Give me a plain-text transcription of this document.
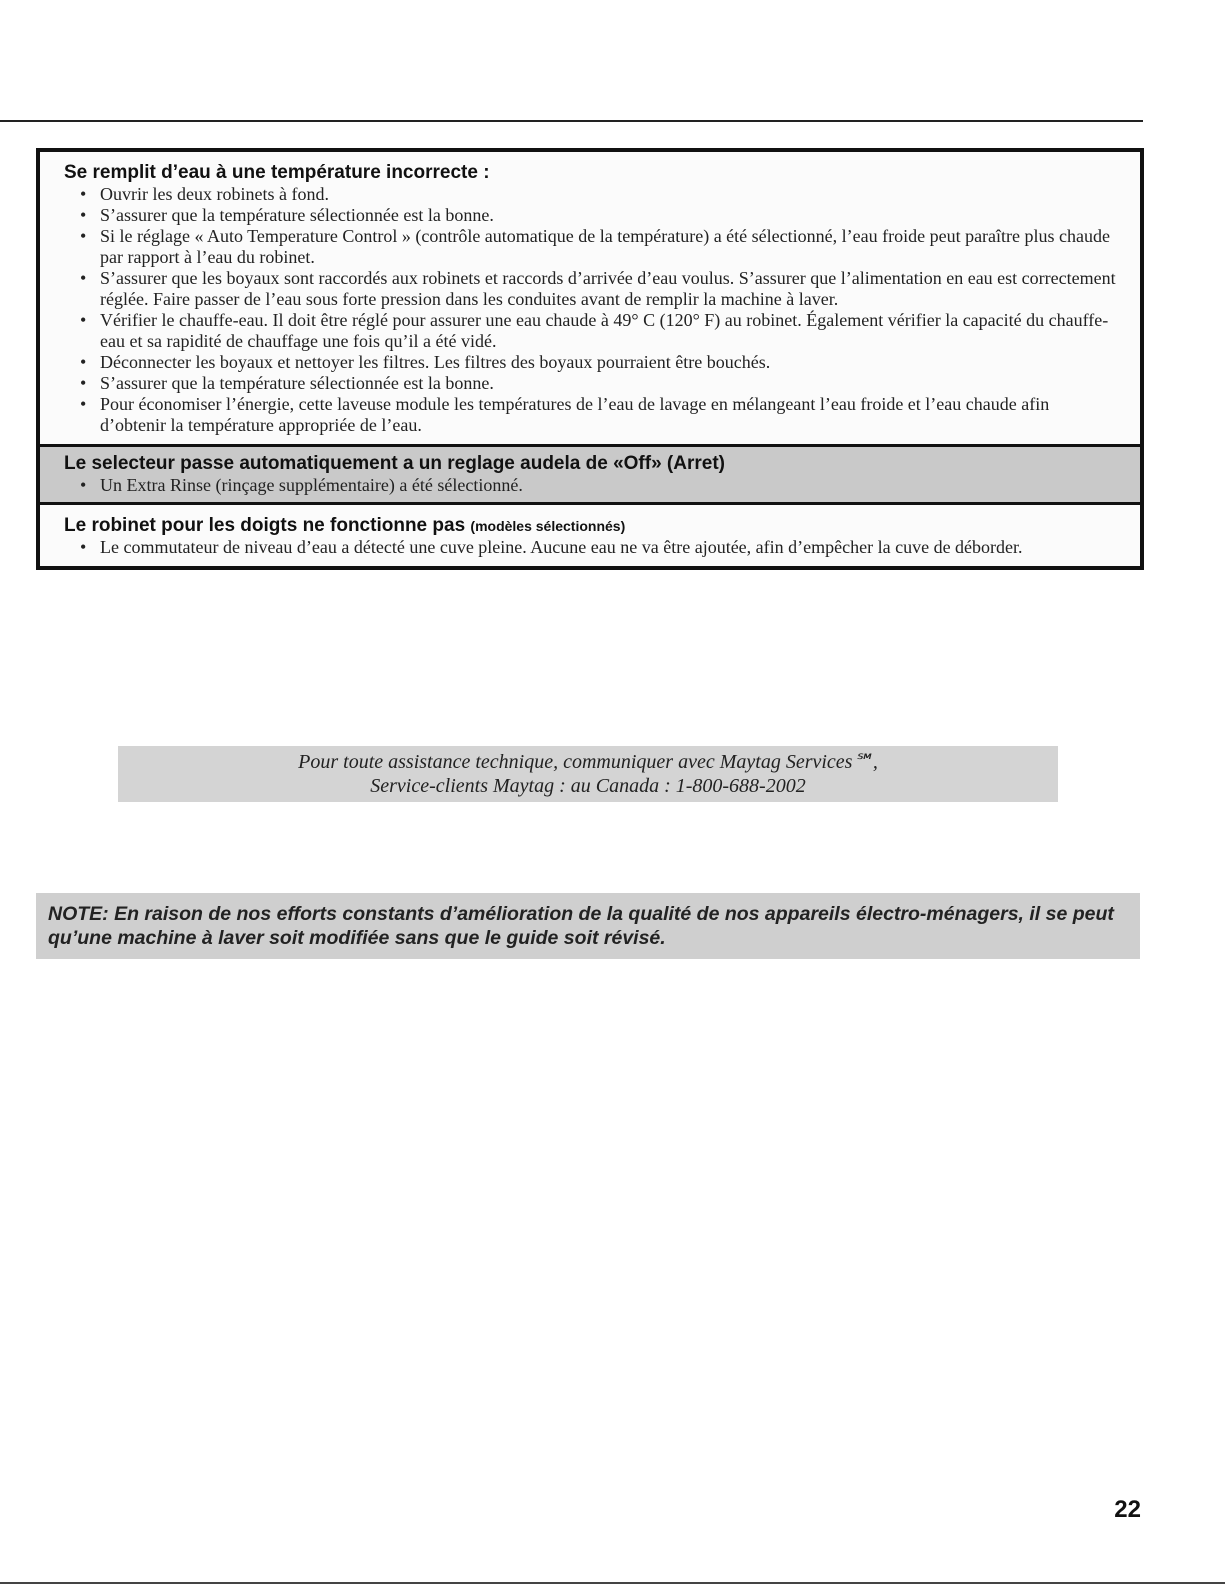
Se remplit d’eau à une température incorrecte :
• Ouvrir les deux robinets à fond.
• S’assurer que la température sélectionnée est la bonne.
• Si le réglage « Auto Temperature Control » (contrôle automatique de la température) a été sélectionné, l’eau froide peut paraître plus chaude par rapport à l’eau du robinet.
• S’assurer que les boyaux sont raccordés aux robinets et raccords d’arrivée d’eau voulus. S’assurer que l’alimentation en eau est correctement réglée. Faire passer de l’eau sous forte pression dans les conduites avant de remplir la machine à laver.
• Vérifier le chauffe-eau. Il doit être réglé pour assurer une eau chaude à 49° C (120° F) au robinet. Également vérifier la capacité du chauffe-eau et sa rapidité de chauffage une fois qu’il a été vidé.
• Déconnecter les boyaux et nettoyer les filtres. Les filtres des boyaux pourraient être bouchés.
• S’assurer que la température sélectionnée est la bonne.
• Pour économiser l’énergie, cette laveuse module les températures de l’eau de lavage en mélangeant l’eau froide et l’eau chaude afin d’obtenir la température appropriée de l’eau.
Le selecteur passe automatiquement a un reglage audela de «Off» (Arret)
• Un Extra Rinse (rinçage supplémentaire) a été sélectionné.
Le robinet pour les doigts ne fonctionne pas (modèles sélectionnés)
• Le commutateur de niveau d’eau a détecté une cuve pleine. Aucune eau ne va être ajoutée, afin d’empêcher la cuve de déborder.
Pour toute assistance technique, communiquer avec Maytag Services℠,
Service-clients Maytag : au Canada : 1-800-688-2002
NOTE: En raison de nos efforts constants d’amélioration de la qualité de nos appareils électro-ménagers, il se peut qu’une machine à laver soit modifiée sans que le guide soit révisé.
22
